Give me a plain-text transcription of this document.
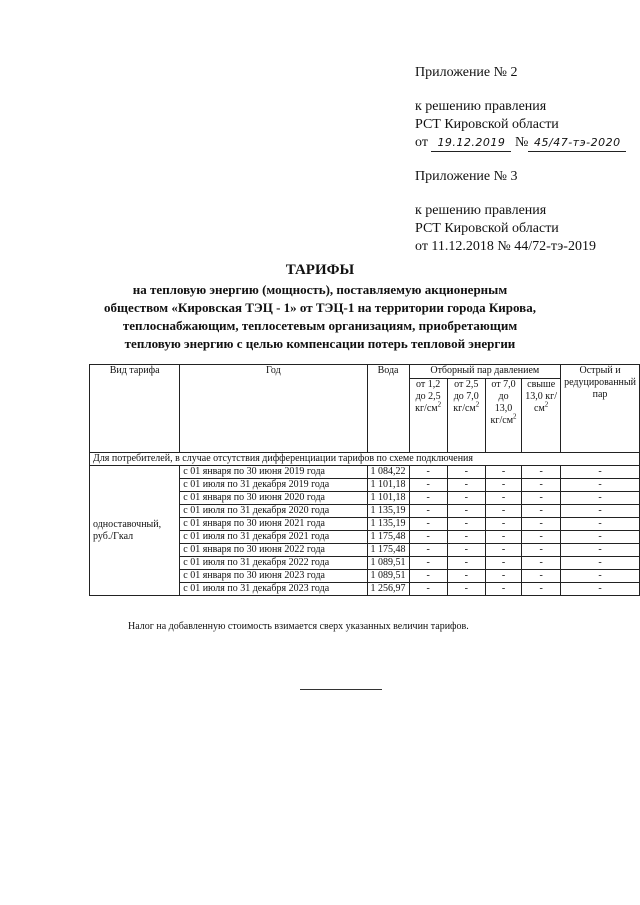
Приложение № 2
к решению правления
РСТ Кировской области
от 19.12.2019 № 45/47-тэ-2020
Приложение № 3
к решению правления
РСТ Кировской области
от 11.12.2018 № 44/72-тэ-2019
ТАРИФЫ
на тепловую энергию (мощность), поставляемую акционерным
обществом «Кировская ТЭЦ - 1» от ТЭЦ-1 на территории города Кирова,
теплоснабжающим, теплосетевым организациям, приобретающим
тепловую энергию с целью компенсации потерь тепловой энергии
Вид тарифа	Год	Вода	Отборный пар давлением				Острый и редуцированный пар
			от 1,2 до 2,5 $кг/см^2$	от 2,5 до 7,0 $кг/см^2$	от 7,0 до 13,0 $кг/см^2$	свыше 13,0 $кг/см^2$
Для потребителей, в случае отсутствия дифференциации тарифов по схеме подключения							
одноставочный, руб./Гкал	с 01 января по 30 июня 2019 года	1 084,22	-	-	-	-	-
	с 01 июля по 31 декабря 2019 года	1 101,18	-	-	-	-	-
	с 01 января по 30 июня 2020 года	1 101,18	-	-	-	-	-
	с 01 июля по 31 декабря 2020 года	1 135,19	-	-	-	-	-
	с 01 января по 30 июня 2021 года	1 135,19	-	-	-	-	-
	с 01 июля по 31 декабря 2021 года	1 175,48	-	-	-	-	-
	с 01 января по 30 июня 2022 года	1 175,48	-	-	-	-	-
	с 01 июля по 31 декабря 2022 года	1 089,51	-	-	-	-	-
	с 01 января по 30 июня 2023 года	1 089,51	-	-	-	-	-
	с 01 июля по 31 декабря 2023 года	1 256,97	-	-	-	-	-
Налог на добавленную стоимость взимается сверх указанных величин тарифов.
